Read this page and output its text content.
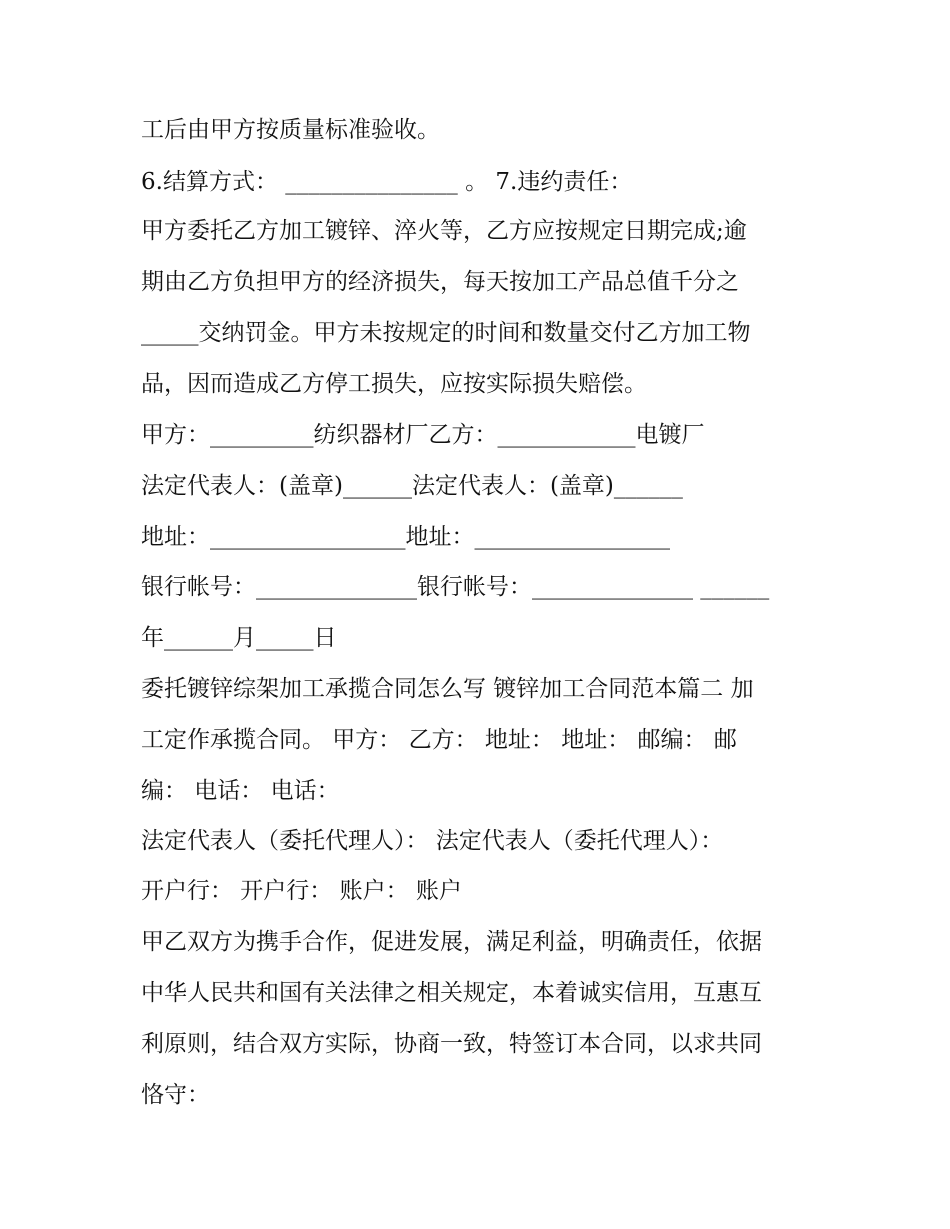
工后由甲方按质量标准验收。
6.结算方式： _______________ 。 7.违约责任：
甲方委托乙方加工镀锌、淬火等，乙方应按规定日期完成;逾
期由乙方负担甲方的经济损失，每天按加工产品总值千分之
_____交纳罚金。甲方未按规定的时间和数量交付乙方加工物
品，因而造成乙方停工损失，应按实际损失赔偿。
甲方：_________纺织器材厂乙方：____________电镀厂
法定代表人：(盖章)______法定代表人：(盖章)______
地址：_________________地址：_________________
银行帐号：______________银行帐号：______________ ______
年______月_____日
委托镀锌综架加工承揽合同怎么写 镀锌加工合同范本篇二 加
工定作承揽合同。 甲方： 乙方： 地址： 地址： 邮编： 邮
编： 电话： 电话：
法定代表人（委托代理人）： 法定代表人（委托代理人）：
开户行： 开户行： 账户： 账户
甲乙双方为携手合作，促进发展，满足利益，明确责任，依据
中华人民共和国有关法律之相关规定，本着诚实信用，互惠互
利原则，结合双方实际，协商一致，特签订本合同，以求共同
恪守：
